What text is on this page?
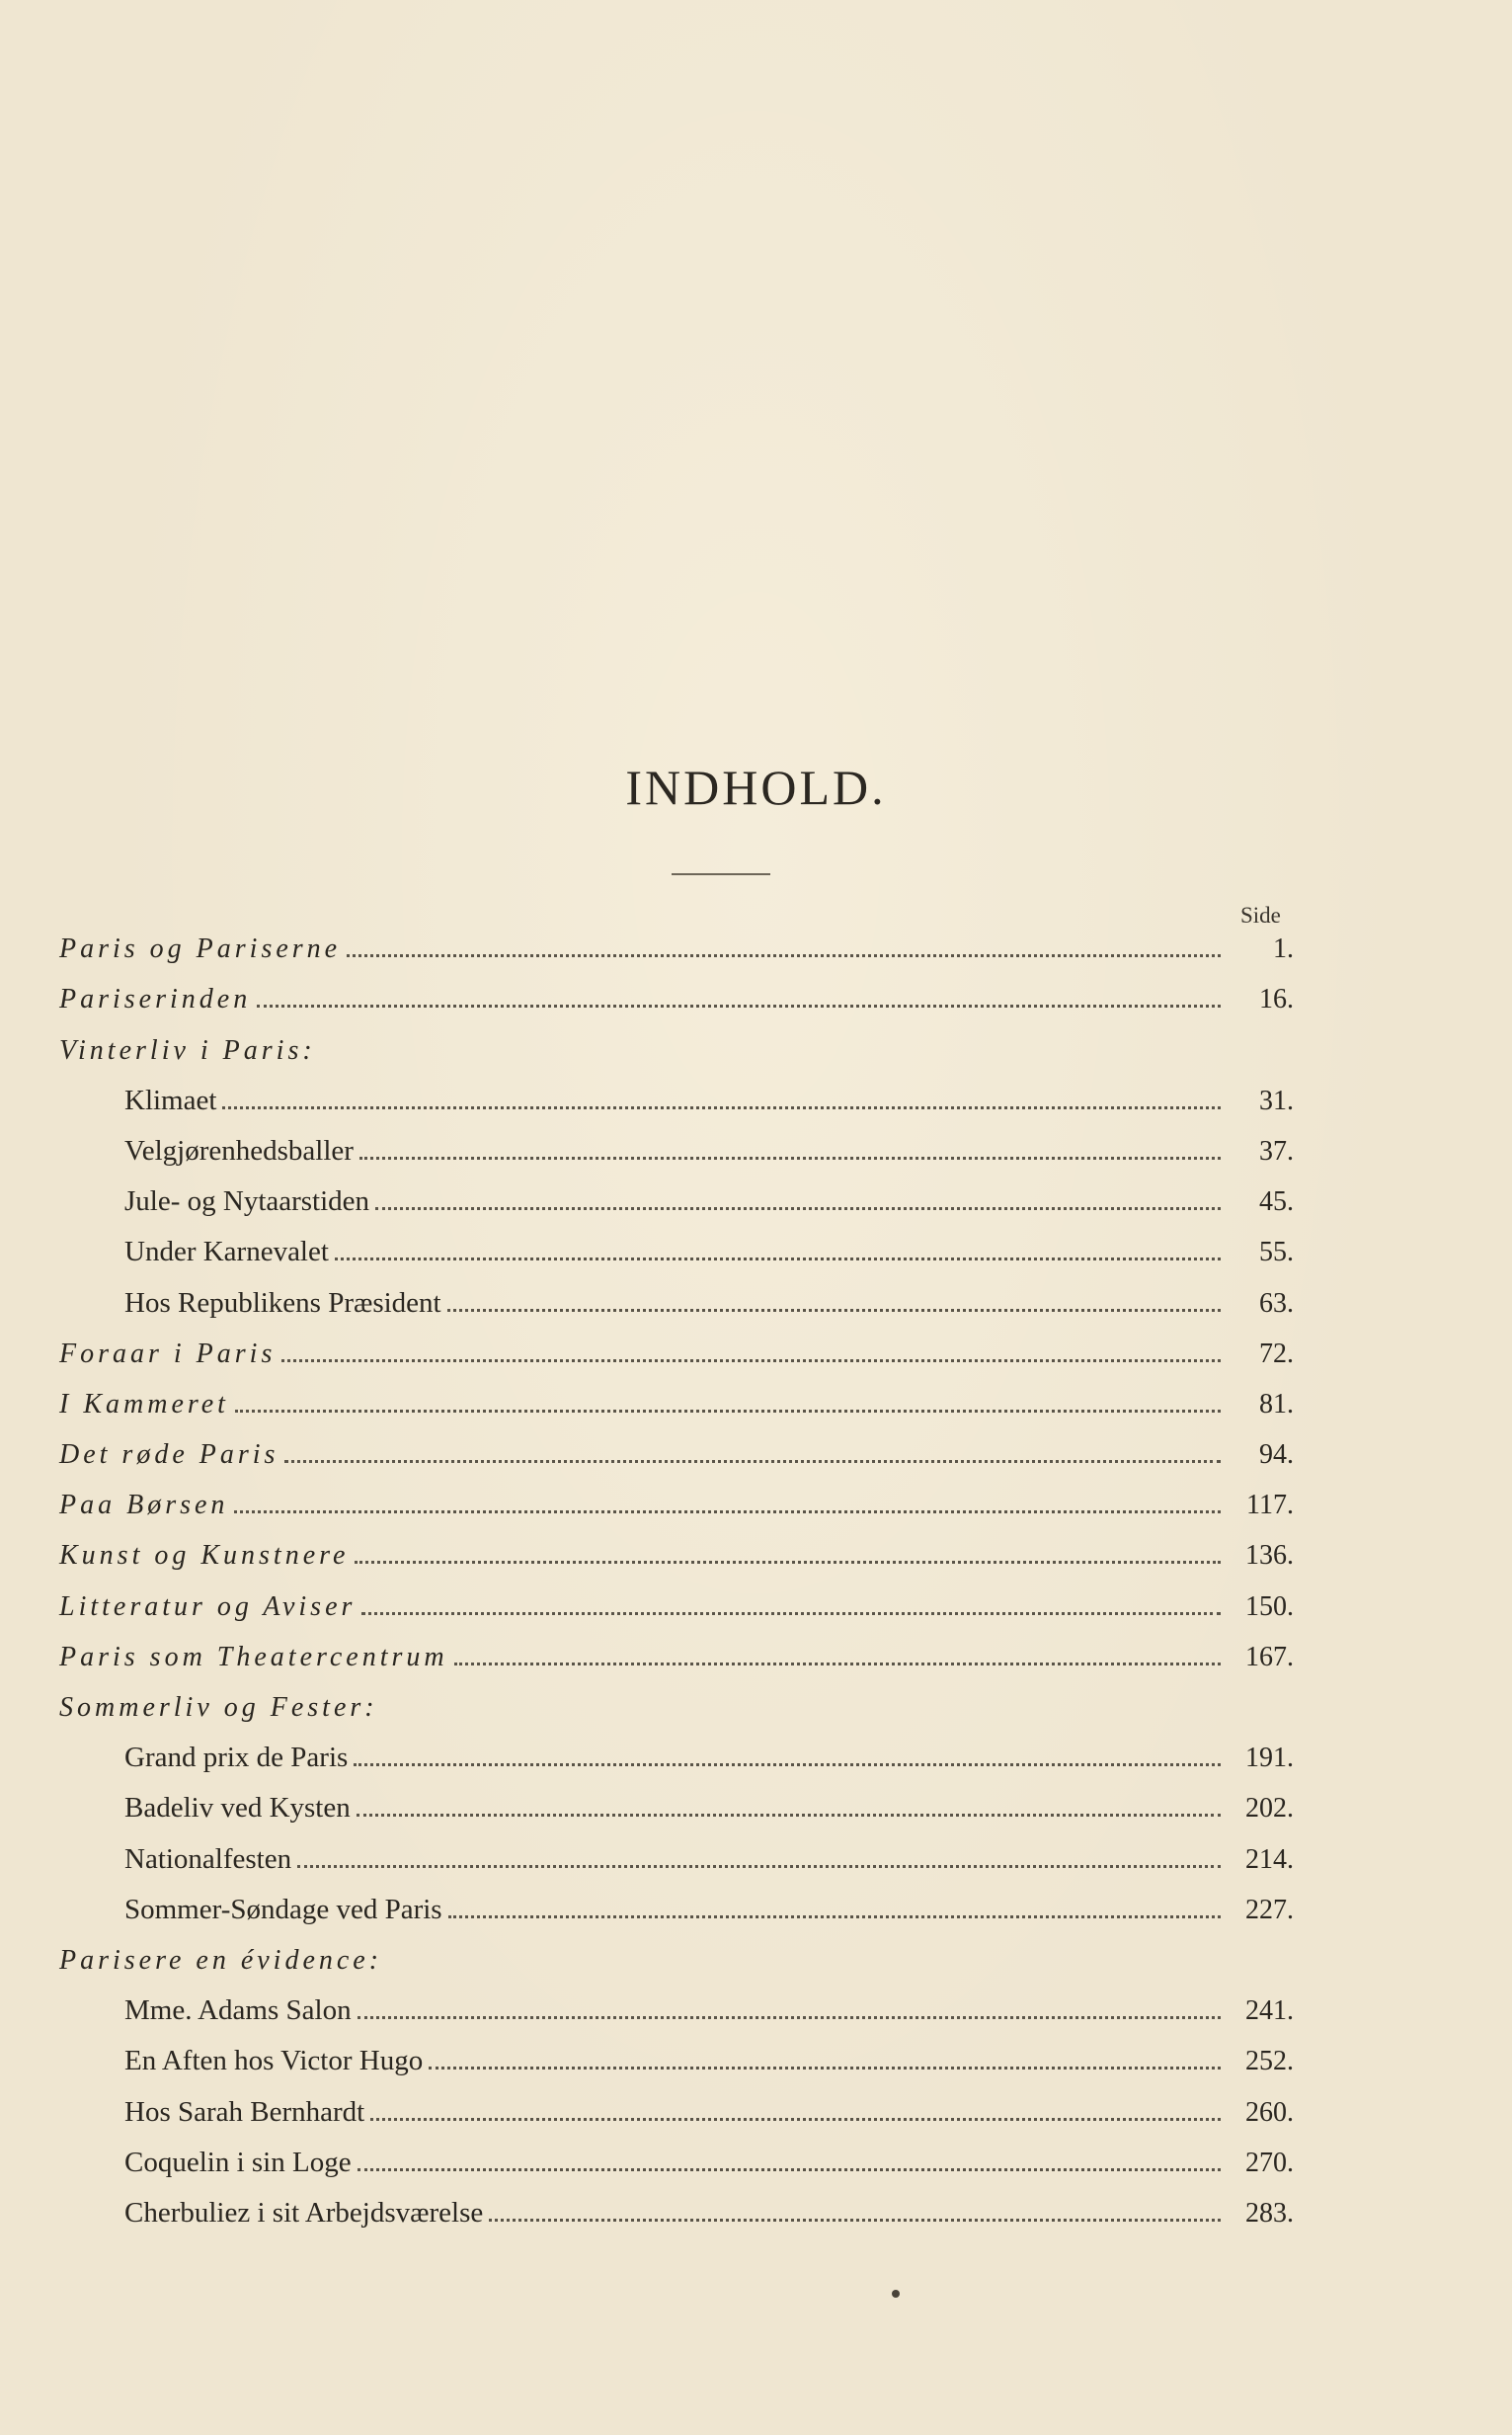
INDHOLD.
Side
Paris og Pariserne	1.
Pariserinden	16.
Vinterliv i Paris:
Klimaet	31.
Velgjørenhedsballer	37.
Jule- og Nytaarstiden	45.
Under Karnevalet	55.
Hos Republikens Præsident	63.
Foraar i Paris	72.
I Kammeret	81.
Det røde Paris	94.
Paa Børsen	117.
Kunst og Kunstnere	136.
Litteratur og Aviser	150.
Paris som Theatercentrum	167.
Sommerliv og Fester:
Grand prix de Paris	191.
Badeliv ved Kysten	202.
Nationalfesten	214.
Sommer-Søndage ved Paris	227.
Parisere en évidence:
Mme. Adams Salon	241.
En Aften hos Victor Hugo	252.
Hos Sarah Bernhardt	260.
Coquelin i sin Loge	270.
Cherbuliez i sit Arbejdsværelse	283.
